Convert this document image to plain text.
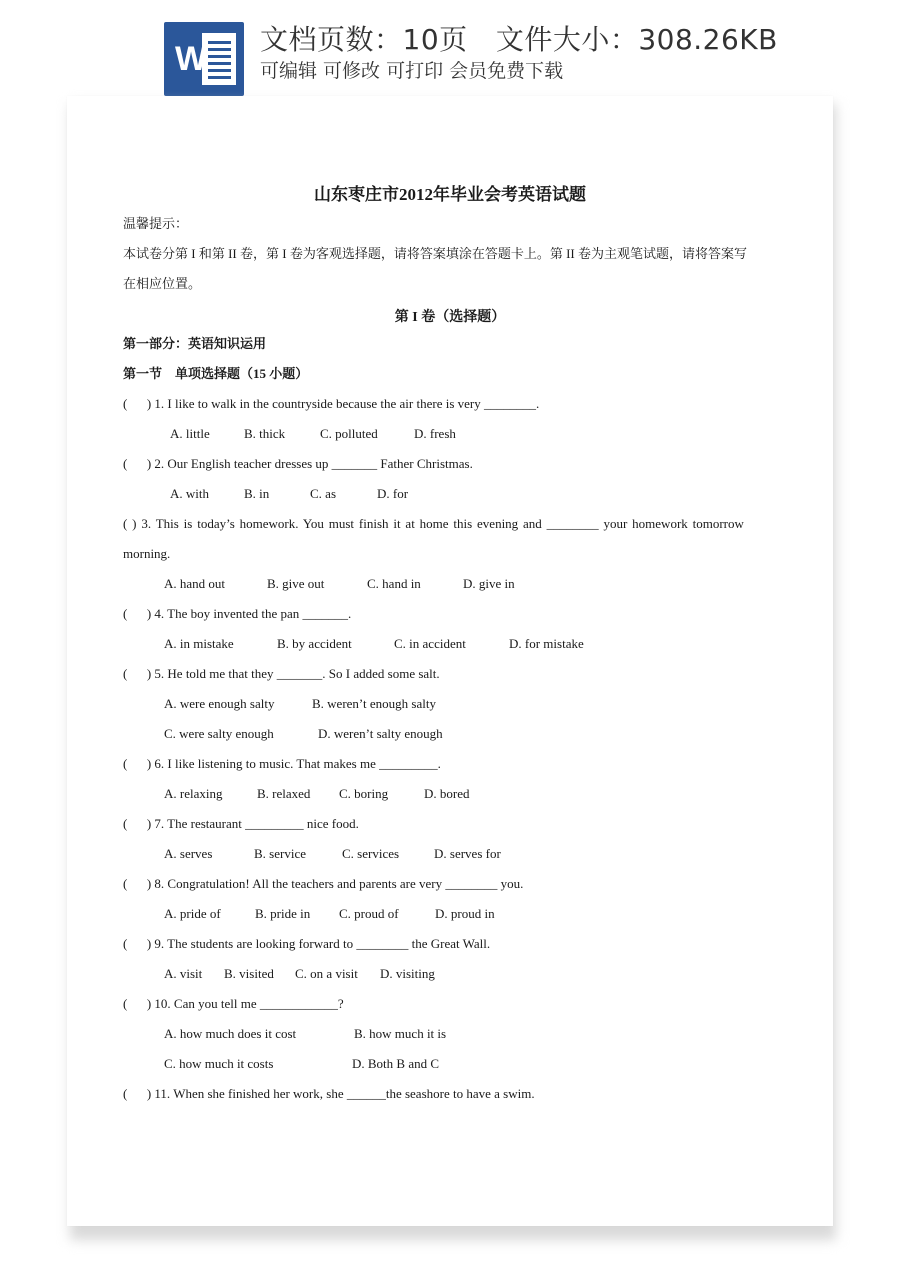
W
文档页数：10页   文件大小：308.26KB
可编辑 可修改 可打印 会员免费下载
山东枣庄市2012年毕业会考英语试题
温馨提示：
本试卷分第 I 和第 II 卷，第 I 卷为客观选择题，请将答案填涂在答题卡上。第 II 卷为主观笔试题，请将答案写
在相应位置。
第 I 卷（选择题）
第一部分：英语知识运用
第一节    单项选择题（15 小题）
(      ) 1. I like to walk in the countryside because the air there is very ________.
A. little	B. thick	C. polluted	D. fresh
(      ) 2. Our English teacher dresses up _______ Father Christmas.
A. with	B. in	C. as	D. for
( ) 3. This is today’s homework. You must finish it at home this evening and ________ your homework tomorrow
morning.
A. hand out	B. give out	C. hand in	D. give in
(      ) 4. The boy invented the pan _______.
A. in mistake	B. by accident	C. in accident	D. for mistake
(      ) 5. He told me that they _______. So I added some salt.
A. were enough salty	B. weren’t enough salty
C. were salty enough	D. weren’t salty enough
(      ) 6. I like listening to music. That makes me _________.
A. relaxing	B. relaxed C. boring	D. bored
(      ) 7. The restaurant _________ nice food.
A. serves	B. service	C. services	D. serves for
(      ) 8. Congratulation! All the teachers and parents are very ________ you.
A. pride of	B. pride in C. proud of	D. proud in
(      ) 9. The students are looking forward to ________ the Great Wall.
A. visit B. visited C. on a visit D. visiting
(      ) 10. Can you tell me ____________?
A. how much does it cost	B. how much it is
C. how much it costs	D. Both B and C
(      ) 11. When she finished her work, she ______the seashore to have a swim.
